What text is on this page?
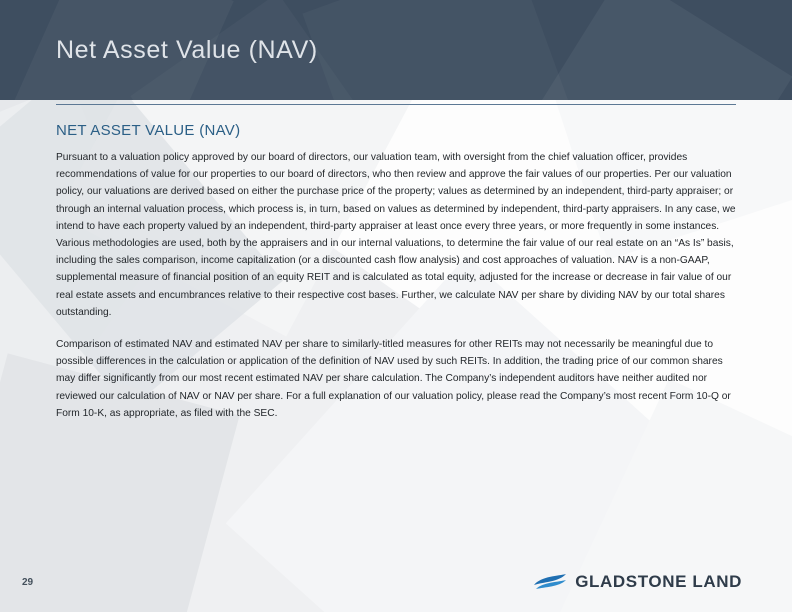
Net Asset Value (NAV)
NET ASSET VALUE (NAV)

Pursuant to a valuation policy approved by our board of directors, our valuation team, with oversight from the chief valuation officer, provides recommendations of value for our properties to our board of directors, who then review and approve the fair values of our properties. Per our valuation policy, our valuations are derived based on either the purchase price of the property; values as determined by an independent, third-party appraiser; or through an internal valuation process, which process is, in turn, based on values as determined by independent, third-party appraisers. In any case, we intend to have each property valued by an independent, third-party appraiser at least once every three years, or more frequently in some instances. Various methodologies are used, both by the appraisers and in our internal valuations, to determine the fair value of our real estate on an “As Is” basis, including the sales comparison, income capitalization (or a discounted cash flow analysis) and cost approaches of valuation. NAV is a non-GAAP, supplemental measure of financial position of an equity REIT and is calculated as total equity, adjusted for the increase or decrease in fair value of our real estate assets and encumbrances relative to their respective cost bases. Further, we calculate NAV per share by dividing NAV by our total shares outstanding.

Comparison of estimated NAV and estimated NAV per share to similarly-titled measures for other REITs may not necessarily be meaningful due to possible differences in the calculation or application of the definition of NAV used by such REITs. In addition, the trading price of our common shares may differ significantly from our most recent estimated NAV per share calculation. The Company’s independent auditors have neither audited nor reviewed our calculation of NAV or NAV per share. For a full explanation of our valuation policy, please read the Company’s most recent Form 10-Q or Form 10-K, as appropriate, as filed with the SEC.

29	GLADSTONE LAND
